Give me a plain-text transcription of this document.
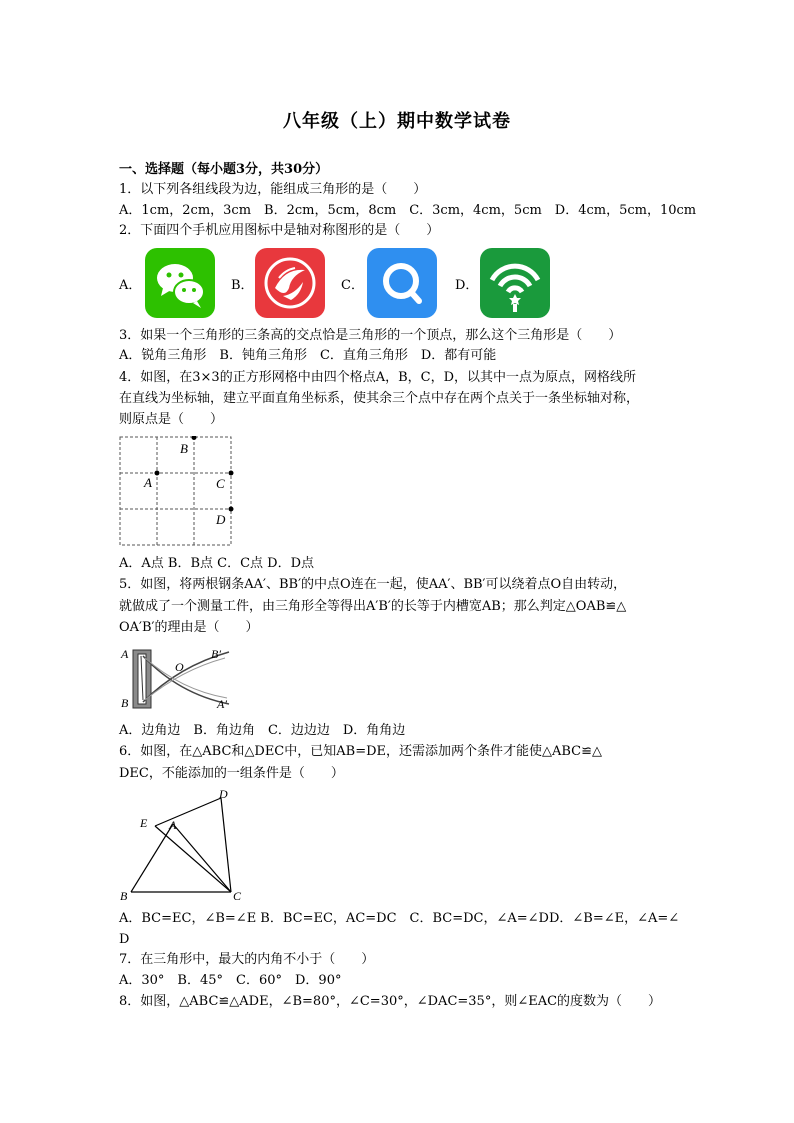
八年级（上）期中数学试卷
一、选择题（每小题3分，共30分）
1．以下列各组线段为边，能组成三角形的是（　　）
A．1cm，2cm，3cm　B．2cm，5cm，8cm　C．3cm，4cm，5cm　D．4cm，5cm，10cm
2．下面四个手机应用图标中是轴对称图形的是（　　）
A．	B．	C．	D．
3．如果一个三角形的三条高的交点恰是三角形的一个顶点，那么这个三角形是（　　）
A．锐角三角形　B．钝角三角形　C．直角三角形　D．都有可能
4．如图，在3×3的正方形网格中由四个格点A，B，C，D，以其中一点为原点，网格线所
在直线为坐标轴，建立平面直角坐标系，使其余三个点中存在两个点关于一条坐标轴对称，
则原点是（　　）
B
A	C
D
A．A点 B．B点 C．C点 D．D点
5．如图，将两根钢条AA′、BB′的中点O连在一起，使AA′、BB′可以绕着点O自由转动，
就做成了一个测量工件，由三角形全等得出A′B′的长等于内槽宽AB；那么判定△OAB≌△
OA′B′的理由是（　　）
A
B
O
B′
A′
A．边角边　B．角边角　C．边边边　D．角角边
6．如图，在△ABC和△DEC中，已知AB=DE，还需添加两个条件才能使△ABC≌△
DEC，不能添加的一组条件是（　　）
D
E A
B	C
A．BC=EC，∠B=∠E B．BC=EC，AC=DC　C．BC=DC，∠A=∠DD．∠B=∠E，∠A=∠
D
7．在三角形中，最大的内角不小于（　　）
A．30°　B．45°　C．60°　D．90°
8．如图，△ABC≌△ADE，∠B=80°，∠C=30°，∠DAC=35°，则∠EAC的度数为（　　）
